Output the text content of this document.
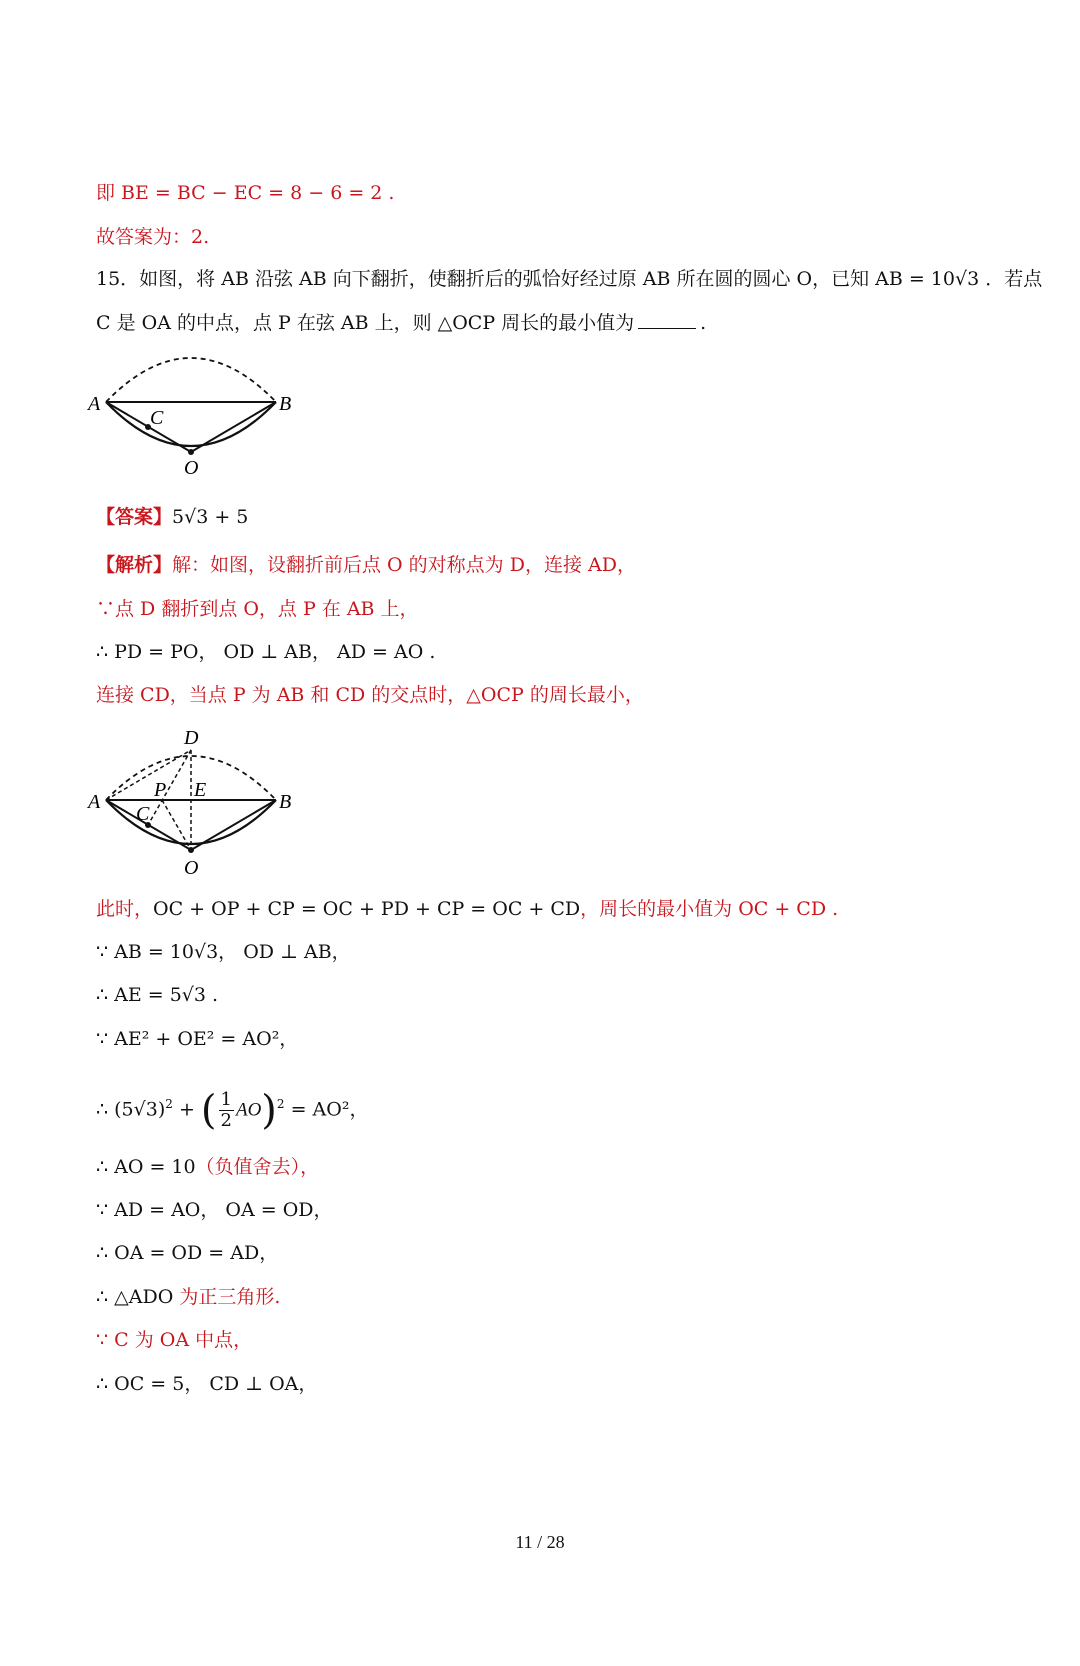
即 BE = BC − EC = 8 − 6 = 2 .
故答案为：2.
15．如图，将 AB 沿弦 AB 向下翻折，使翻折后的弧恰好经过原 AB 所在圆的圆心 O，已知 AB = 10√3 ．若点
C 是 OA 的中点，点 P 在弦 AB 上，则 △OCP 周长的最小值为	.
A	B
C
O
【答案】5√3 + 5
【解析】解：如图，设翻折前后点 O 的对称点为 D，连接 AD，
∵点 D 翻折到点 O，点 P 在 AB 上，
∴ PD = PO， OD ⊥ AB， AD = AO .
连接 CD，当点 P 为 AB 和 CD 的交点时，△OCP 的周长最小，
A	B
C
O
D
P E
此时，OC + OP + CP = OC + PD + CP = OC + CD，周长的最小值为 OC + CD .
∵ AB = 10√3， OD ⊥ AB，
∴ AE = 5√3 .
∵ AE² + OE² = AO²，
∴ $(5√3)^2$ + ( $\frac{1}{2} AO)^2 = AO^2$，
∴ AO = 10（负值舍去），
∵ AD = AO， OA = OD，
∴ OA = OD = AD，
∴ △ADO 为正三角形.
∵ C 为 OA 中点，
∴ OC = 5， CD ⊥ OA，
11 / 28
